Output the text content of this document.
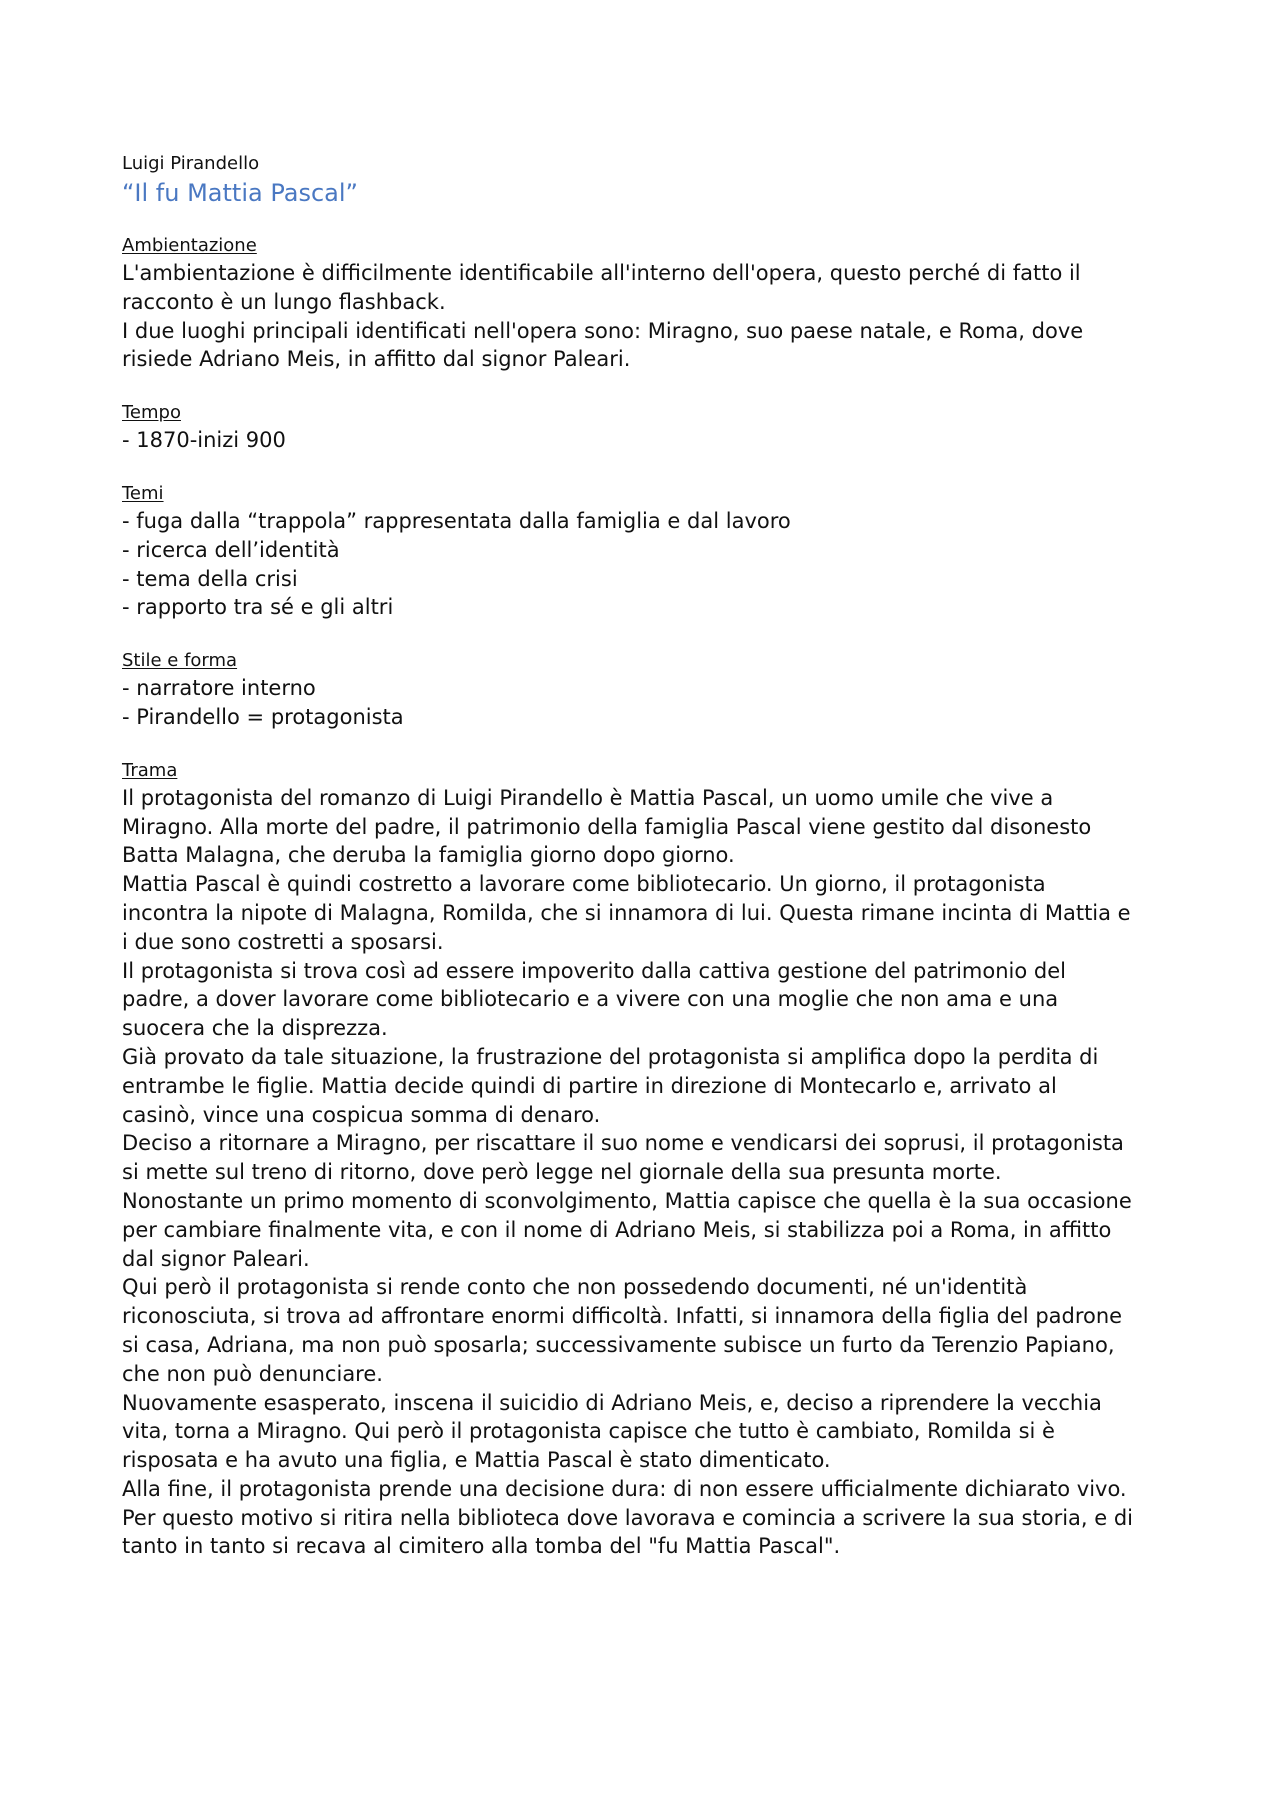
Luigi Pirandello
“Il fu Mattia Pascal”
Ambientazione
L'ambientazione è difficilmente identificabile all'interno dell'opera, questo perché di fatto il
racconto è un lungo flashback.
I due luoghi principali identificati nell'opera sono: Miragno, suo paese natale, e Roma, dove
risiede Adriano Meis, in affitto dal signor Paleari.
Tempo
- 1870-inizi 900
Temi
- fuga dalla “trappola” rappresentata dalla famiglia e dal lavoro
- ricerca dell’identità
- tema della crisi
- rapporto tra sé e gli altri
Stile e forma
- narratore interno
- Pirandello = protagonista
Trama
Il protagonista del romanzo di Luigi Pirandello è Mattia Pascal, un uomo umile che vive a
Miragno. Alla morte del padre, il patrimonio della famiglia Pascal viene gestito dal disonesto
Batta Malagna, che deruba la famiglia giorno dopo giorno.
Mattia Pascal è quindi costretto a lavorare come bibliotecario. Un giorno, il protagonista
incontra la nipote di Malagna, Romilda, che si innamora di lui. Questa rimane incinta di Mattia e
i due sono costretti a sposarsi.
Il protagonista si trova così ad essere impoverito dalla cattiva gestione del patrimonio del
padre, a dover lavorare come bibliotecario e a vivere con una moglie che non ama e una
suocera che la disprezza.
Già provato da tale situazione, la frustrazione del protagonista si amplifica dopo la perdita di
entrambe le figlie. Mattia decide quindi di partire in direzione di Montecarlo e, arrivato al
casinò, vince una cospicua somma di denaro.
Deciso a ritornare a Miragno, per riscattare il suo nome e vendicarsi dei soprusi, il protagonista
si mette sul treno di ritorno, dove però legge nel giornale della sua presunta morte.
Nonostante un primo momento di sconvolgimento, Mattia capisce che quella è la sua occasione
per cambiare finalmente vita, e con il nome di Adriano Meis, si stabilizza poi a Roma, in affitto
dal signor Paleari.
Qui però il protagonista si rende conto che non possedendo documenti, né un'identità
riconosciuta, si trova ad affrontare enormi difficoltà. Infatti, si innamora della figlia del padrone
si casa, Adriana, ma non può sposarla; successivamente subisce un furto da Terenzio Papiano,
che non può denunciare.
Nuovamente esasperato, inscena il suicidio di Adriano Meis, e, deciso a riprendere la vecchia
vita, torna a Miragno. Qui però il protagonista capisce che tutto è cambiato, Romilda si è
risposata e ha avuto una figlia, e Mattia Pascal è stato dimenticato.
Alla fine, il protagonista prende una decisione dura: di non essere ufficialmente dichiarato vivo.
Per questo motivo si ritira nella biblioteca dove lavorava e comincia a scrivere la sua storia, e di
tanto in tanto si recava al cimitero alla tomba del "fu Mattia Pascal".
